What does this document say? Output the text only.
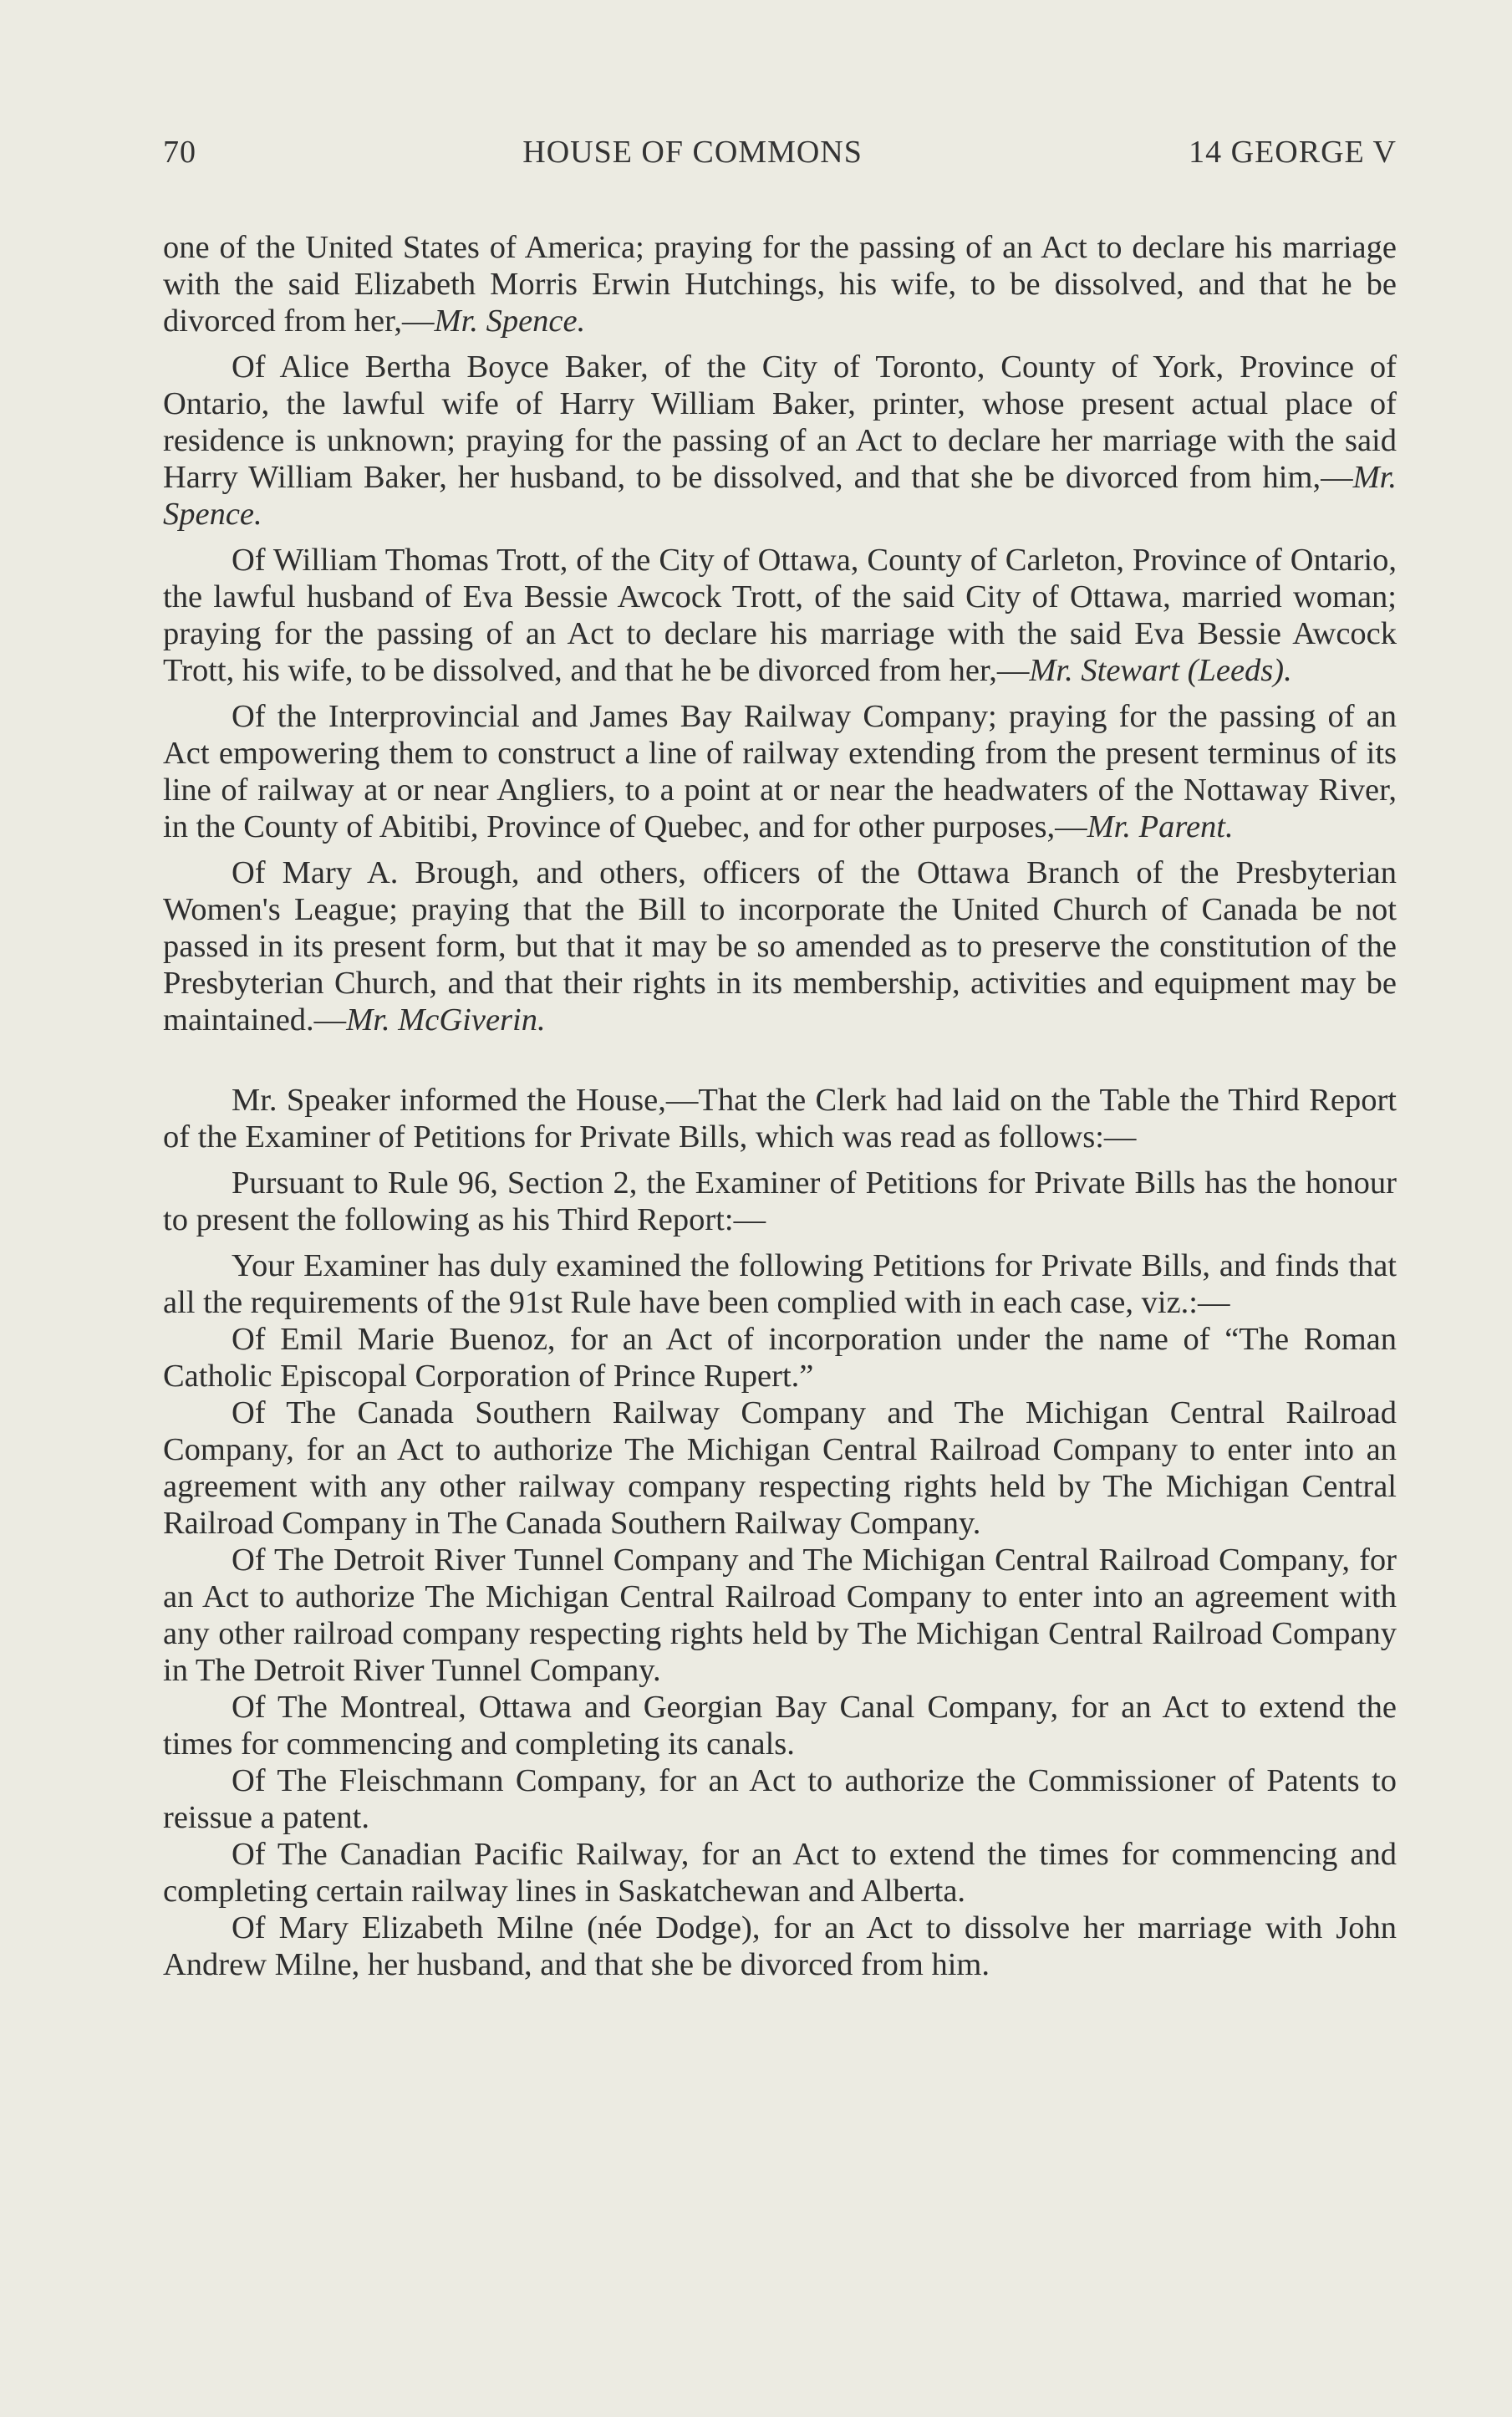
70	HOUSE OF COMMONS	14 GEORGE V

one of the United States of America; praying for the passing of an Act to declare his marriage with the said Elizabeth Morris Erwin Hutchings, his wife, to be dissolved, and that he be divorced from her,—Mr. Spence.

Of Alice Bertha Boyce Baker, of the City of Toronto, County of York, Province of Ontario, the lawful wife of Harry William Baker, printer, whose present actual place of residence is unknown; praying for the passing of an Act to declare her marriage with the said Harry William Baker, her husband, to be dissolved, and that she be divorced from him,—Mr. Spence.

Of William Thomas Trott, of the City of Ottawa, County of Carleton, Province of Ontario, the lawful husband of Eva Bessie Awcock Trott, of the said City of Ottawa, married woman; praying for the passing of an Act to declare his marriage with the said Eva Bessie Awcock Trott, his wife, to be dissolved, and that he be divorced from her,—Mr. Stewart (Leeds).

Of the Interprovincial and James Bay Railway Company; praying for the passing of an Act empowering them to construct a line of railway extending from the present terminus of its line of railway at or near Angliers, to a point at or near the headwaters of the Nottaway River, in the County of Abitibi, Province of Quebec, and for other purposes,—Mr. Parent.

Of Mary A. Brough, and others, officers of the Ottawa Branch of the Presbyterian Women's League; praying that the Bill to incorporate the United Church of Canada be not passed in its present form, but that it may be so amended as to preserve the constitution of the Presbyterian Church, and that their rights in its membership, activities and equipment may be maintained.—Mr. McGiverin.

Mr. Speaker informed the House,—That the Clerk had laid on the Table the Third Report of the Examiner of Petitions for Private Bills, which was read as follows:—

Pursuant to Rule 96, Section 2, the Examiner of Petitions for Private Bills has the honour to present the following as his Third Report:—

Your Examiner has duly examined the following Petitions for Private Bills, and finds that all the requirements of the 91st Rule have been complied with in each case, viz.:—

Of Emil Marie Buenoz, for an Act of incorporation under the name of “The Roman Catholic Episcopal Corporation of Prince Rupert.”

Of The Canada Southern Railway Company and The Michigan Central Railroad Company, for an Act to authorize The Michigan Central Railroad Company to enter into an agreement with any other railway company respecting rights held by The Michigan Central Railroad Company in The Canada Southern Railway Company.

Of The Detroit River Tunnel Company and The Michigan Central Railroad Company, for an Act to authorize The Michigan Central Railroad Company to enter into an agreement with any other railroad company respecting rights held by The Michigan Central Railroad Company in The Detroit River Tunnel Company.

Of The Montreal, Ottawa and Georgian Bay Canal Company, for an Act to extend the times for commencing and completing its canals.

Of The Fleischmann Company, for an Act to authorize the Commissioner of Patents to reissue a patent.

Of The Canadian Pacific Railway, for an Act to extend the times for commencing and completing certain railway lines in Saskatchewan and Alberta.

Of Mary Elizabeth Milne (née Dodge), for an Act to dissolve her marriage with John Andrew Milne, her husband, and that she be divorced from him.
